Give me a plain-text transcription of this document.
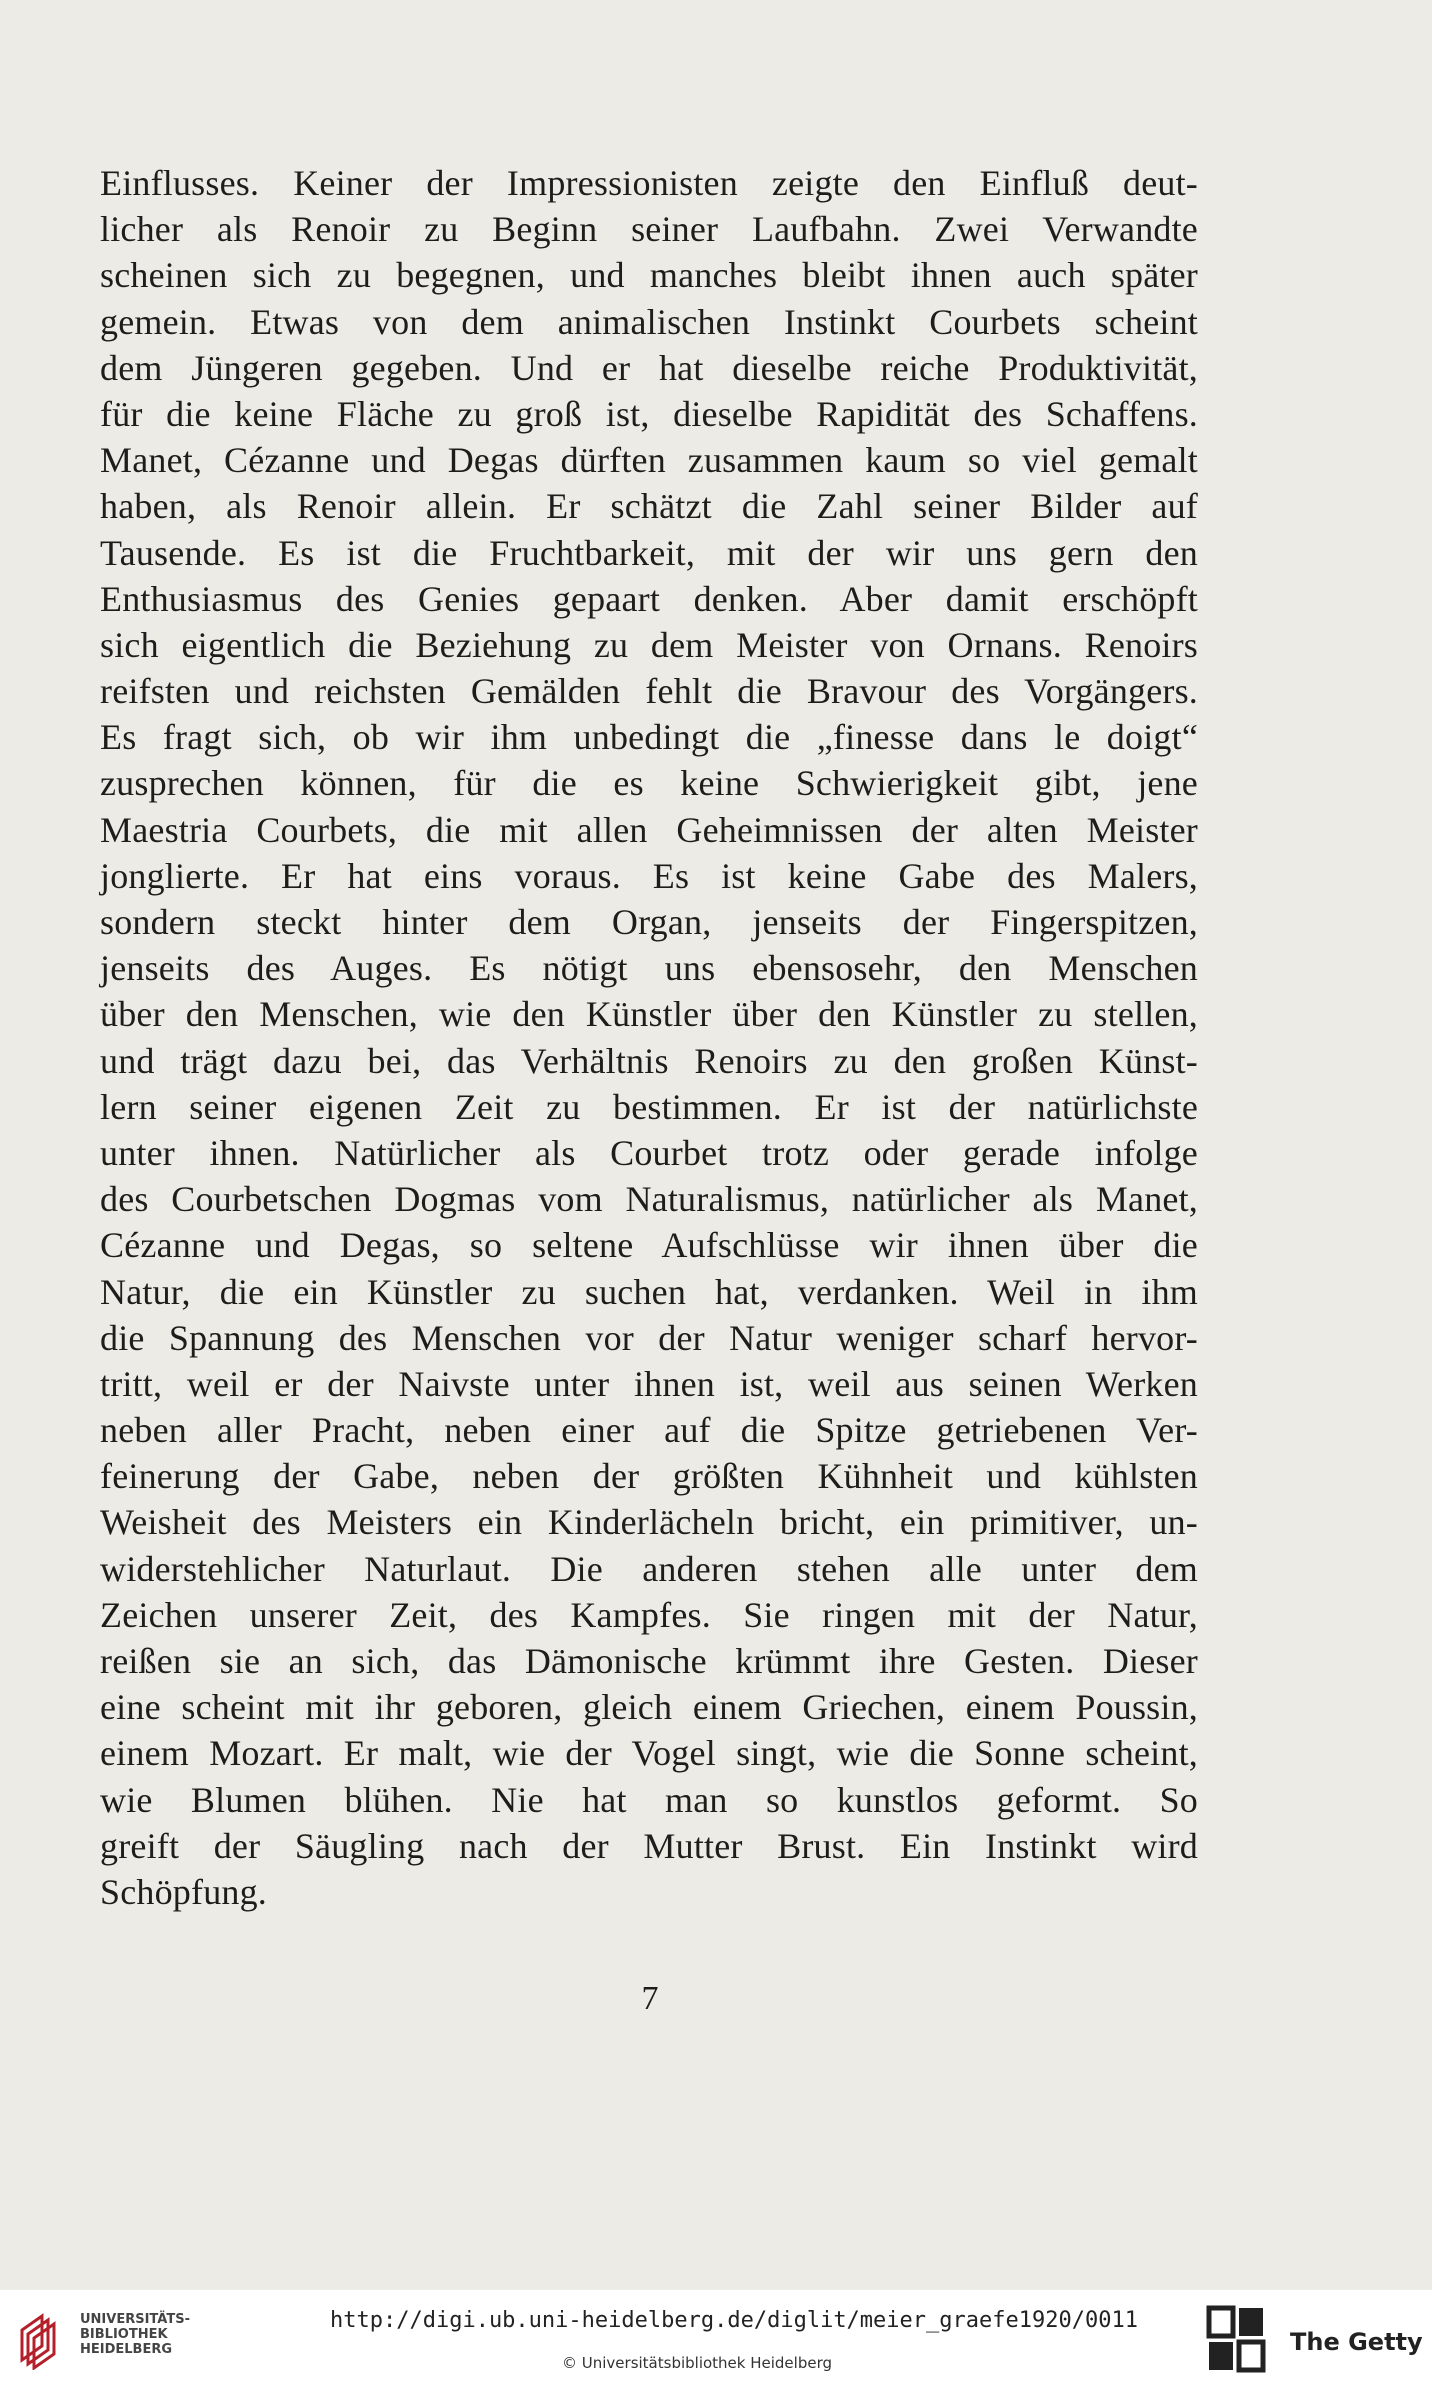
Einflusses. Keiner der Impressionisten zeigte den Einfluß deut-
licher als Renoir zu Beginn seiner Laufbahn. Zwei Verwandte
scheinen sich zu begegnen, und manches bleibt ihnen auch später
gemein. Etwas von dem animalischen Instinkt Courbets scheint
dem Jüngeren gegeben. Und er hat dieselbe reiche Produktivität,
für die keine Fläche zu groß ist, dieselbe Rapidität des Schaffens.
Manet, Cézanne und Degas dürften zusammen kaum so viel gemalt
haben, als Renoir allein. Er schätzt die Zahl seiner Bilder auf
Tausende. Es ist die Fruchtbarkeit, mit der wir uns gern den
Enthusiasmus des Genies gepaart denken. Aber damit erschöpft
sich eigentlich die Beziehung zu dem Meister von Ornans. Renoirs
reifsten und reichsten Gemälden fehlt die Bravour des Vorgängers.
Es fragt sich, ob wir ihm unbedingt die „finesse dans le doigt“
zusprechen können, für die es keine Schwierigkeit gibt, jene
Maestria Courbets, die mit allen Geheimnissen der alten Meister
jonglierte. Er hat eins voraus. Es ist keine Gabe des Malers,
sondern steckt hinter dem Organ, jenseits der Fingerspitzen,
jenseits des Auges. Es nötigt uns ebensosehr, den Menschen
über den Menschen, wie den Künstler über den Künstler zu stellen,
und trägt dazu bei, das Verhältnis Renoirs zu den großen Künst-
lern seiner eigenen Zeit zu bestimmen. Er ist der natürlichste
unter ihnen. Natürlicher als Courbet trotz oder gerade infolge
des Courbetschen Dogmas vom Naturalismus, natürlicher als Manet,
Cézanne und Degas, so seltene Aufschlüsse wir ihnen über die
Natur, die ein Künstler zu suchen hat, verdanken. Weil in ihm
die Spannung des Menschen vor der Natur weniger scharf hervor-
tritt, weil er der Naivste unter ihnen ist, weil aus seinen Werken
neben aller Pracht, neben einer auf die Spitze getriebenen Ver-
feinerung der Gabe, neben der größten Kühnheit und kühlsten
Weisheit des Meisters ein Kinderlächeln bricht, ein primitiver, un-
widerstehlicher Naturlaut. Die anderen stehen alle unter dem
Zeichen unserer Zeit, des Kampfes. Sie ringen mit der Natur,
reißen sie an sich, das Dämonische krümmt ihre Gesten. Dieser
eine scheint mit ihr geboren, gleich einem Griechen, einem Poussin,
einem Mozart. Er malt, wie der Vogel singt, wie die Sonne scheint,
wie Blumen blühen. Nie hat man so kunstlos geformt. So
greift der Säugling nach der Mutter Brust. Ein Instinkt wird
Schöpfung.
7
UNIVERSITÄTS-
BIBLIOTHEK
HEIDELBERG
http://digi.ub.uni-heidelberg.de/diglit/meier_graefe1920/0011
© Universitätsbibliothek Heidelberg
The Getty
